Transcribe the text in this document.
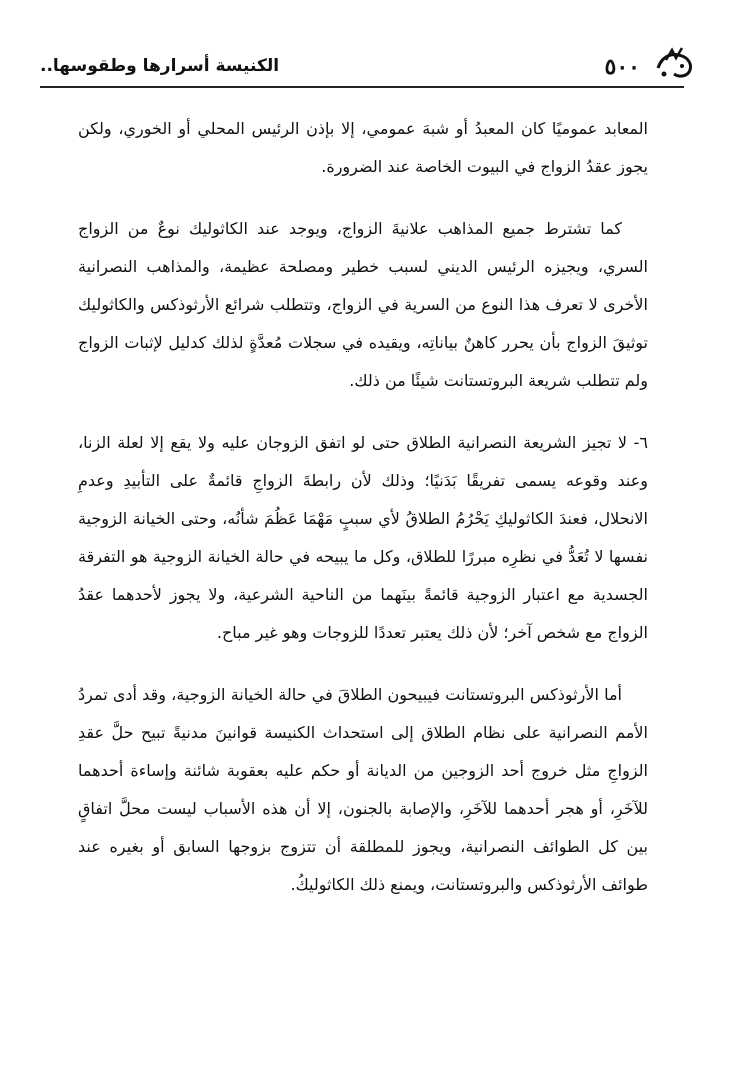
٥٠٠
الكنيسة أسرارها وطقوسها..

المعابد عموميًا كان المعبدُ أو شبهَ عمومي، إلا بإذن الرئيس المحلي أو الخوري، ولكن يجوز عقدُ الزواج في البيوت الخاصة عند الضرورة.

كما تشترط جميع المذاهب علانيةَ الزواج، ويوجد عند الكاثوليك نوعٌ من الزواج السري، ويجيزه الرئيس الديني لسبب خطير ومصلحة عظيمة، والمذاهب النصرانية الأخرى لا تعرف هذا النوع من السرية في الزواج، وتتطلب شرائع الأرثوذكس والكاثوليك توثيقَ الزواج بأن يحرر كاهنٌ بياناتِه، ويقيده في سجلات مُعدَّةٍ لذلك كدليل لإثبات الزواج ولم تتطلب شريعة البروتستانت شيئًا من ذلك.

٦- لا تجيز الشريعة النصرانية الطلاق حتى لو اتفق الزوجان عليه ولا يقع إلا لعلة الزنا، وعند وقوعه يسمى تفريقًا بَدَنيًا؛ وذلك لأن رابطةَ الزواجِ قائمةٌ على التأبيدِ وعدمِ الانحلال، فعندَ الكاثوليكِ يَحْرُمُ الطلاقُ لأي سببٍ مَهْمَا عَظُمَ شأنُه، وحتى الخيانة الزوجية نفسها لا تُعَدُّ في نظرِه مبررًا للطلاق، وكل ما يبيحه في حالة الخيانة الزوجية هو التفرقة الجسدية مع اعتبار الزوجية قائمةً بينَهما من الناحية الشرعية، ولا يجوز لأحدهما عقدُ الزواج مع شخص آخر؛ لأن ذلك يعتبر تعددًا للزوجات وهو غير مباح.

أما الأرثوذكس البروتستانت فيبيحون الطلاقَ في حالة الخيانة الزوجية، وقد أدى تمردُ الأمم النصرانية على نظام الطلاق إلى استحداث الكنيسة قوانينَ مدنيةً تبيح حلَّ عقدِ الزواجِ مثل خروج أحد الزوجين من الديانة أو حكم عليه بعقوبة شائنة وإساءة أحدهما للآخَرِ، أو هجر أحدهما للآخَرِ، والإصابة بالجنون، إلا أن هذه الأسباب ليست محلَّ اتفاقٍ بين كل الطوائف النصرانية، ويجوز للمطلقة أن تتزوج بزوجها السابق أو بغيره عند طوائف الأرثوذكس والبروتستانت، ويمنع ذلك الكاثوليكُ.
